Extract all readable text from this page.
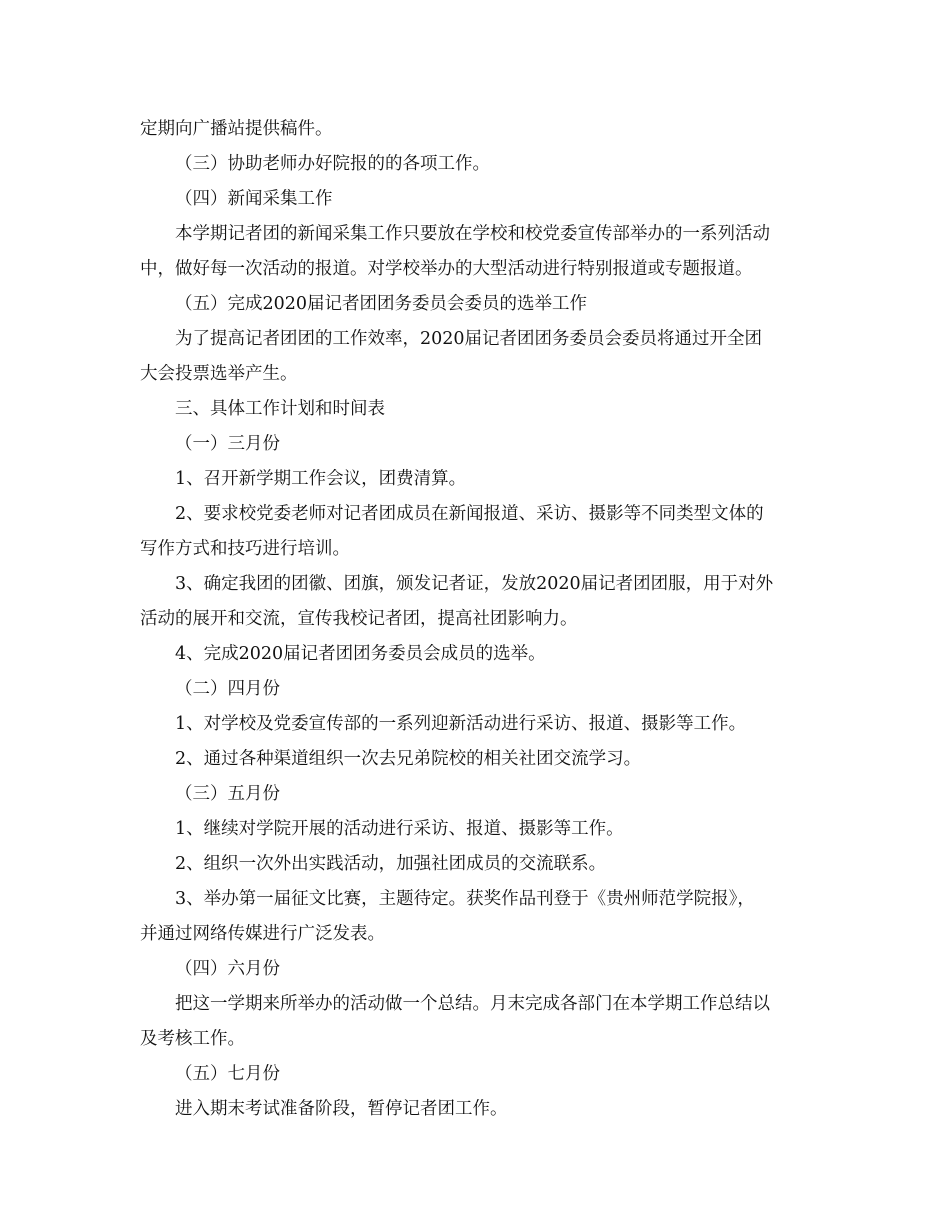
定期向广播站提供稿件。
（三）协助老师办好院报的的各项工作。
（四）新闻采集工作
本学期记者团的新闻采集工作只要放在学校和校党委宣传部举办的一系列活动
中，做好每一次活动的报道。对学校举办的大型活动进行特别报道或专题报道。
（五）完成2020届记者团团务委员会委员的选举工作
为了提高记者团团的工作效率，2020届记者团团务委员会委员将通过开全团
大会投票选举产生。
三、具体工作计划和时间表
（一）三月份
1、召开新学期工作会议，团费清算。
2、要求校党委老师对记者团成员在新闻报道、采访、摄影等不同类型文体的
写作方式和技巧进行培训。
3、确定我团的团徽、团旗，颁发记者证，发放2020届记者团团服，用于对外
活动的展开和交流，宣传我校记者团，提高社团影响力。
4、完成2020届记者团团务委员会成员的选举。
（二）四月份
1、对学校及党委宣传部的一系列迎新活动进行采访、报道、摄影等工作。
2、通过各种渠道组织一次去兄弟院校的相关社团交流学习。
（三）五月份
1、继续对学院开展的活动进行采访、报道、摄影等工作。
2、组织一次外出实践活动，加强社团成员的交流联系。
3、举办第一届征文比赛，主题待定。获奖作品刊登于《贵州师范学院报》，
并通过网络传媒进行广泛发表。
（四）六月份
把这一学期来所举办的活动做一个总结。月末完成各部门在本学期工作总结以
及考核工作。
（五）七月份
进入期末考试准备阶段，暂停记者团工作。
